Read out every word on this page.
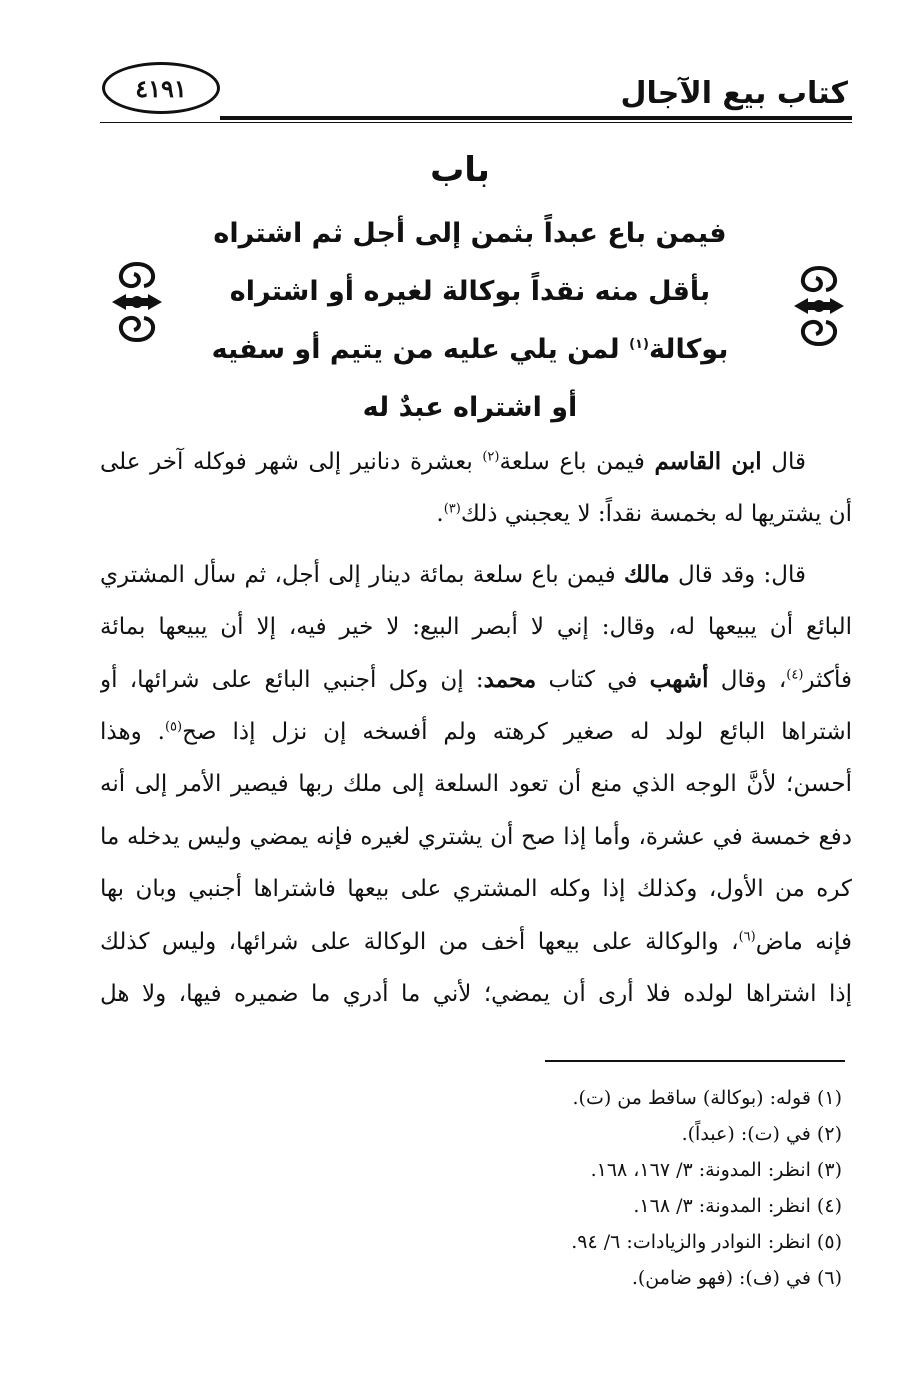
كتاب بيع الآجال
٤١٩١
باب
فيمن باع عبداً بثمن إلى أجل ثم اشتراه
بأقل منه نقداً بوكالة لغيره أو اشتراه
بوكالة$^{(١)}$ لمن يلي عليه من يتيم أو سفيه
أو اشتراه عبدٌ له
قال ابن القاسم فيمن باع سلعة$^{(٢)}$ بعشرة دنانير إلى شهر فوكله آخر على
أن يشتريها له بخمسة نقداً: لا يعجبني ذلك$^{(٣)}$.
قال: وقد قال مالك فيمن باع سلعة بمائة دينار إلى أجل، ثم سأل المشتري
البائع أن يبيعها له، وقال: إني لا أبصر البيع: لا خير فيه، إلا أن يبيعها بمائة
فأكثر$^{(٤)}$، وقال أشهب في كتاب محمد: إن وكل أجنبي البائع على شرائها، أو
اشتراها البائع لولد له صغير كرهته ولم أفسخه إن نزل إذا صح$^{(٥)}$. وهذا
أحسن؛ لأنَّ الوجه الذي منع أن تعود السلعة إلى ملك ربها فيصير الأمر إلى أنه
دفع خمسة في عشرة، وأما إذا صح أن يشتري لغيره فإنه يمضي وليس يدخله ما
كره من الأول، وكذلك إذا وكله المشتري على بيعها فاشتراها أجنبي وبان بها
فإنه ماض$^{(٦)}$، والوكالة على بيعها أخف من الوكالة على شرائها، وليس كذلك
إذا اشتراها لولده فلا أرى أن يمضي؛ لأني ما أدري ما ضميره فيها، ولا هل
(١) قوله: (بوكالة) ساقط من (ت).
(٢) في (ت): (عبداً).
(٣) انظر: المدونة: ٣/ ١٦٧، ١٦٨.
(٤) انظر: المدونة: ٣/ ١٦٨.
(٥) انظر: النوادر والزيادات: ٦/ ٩٤.
(٦) في (ف): (فهو ضامن).
